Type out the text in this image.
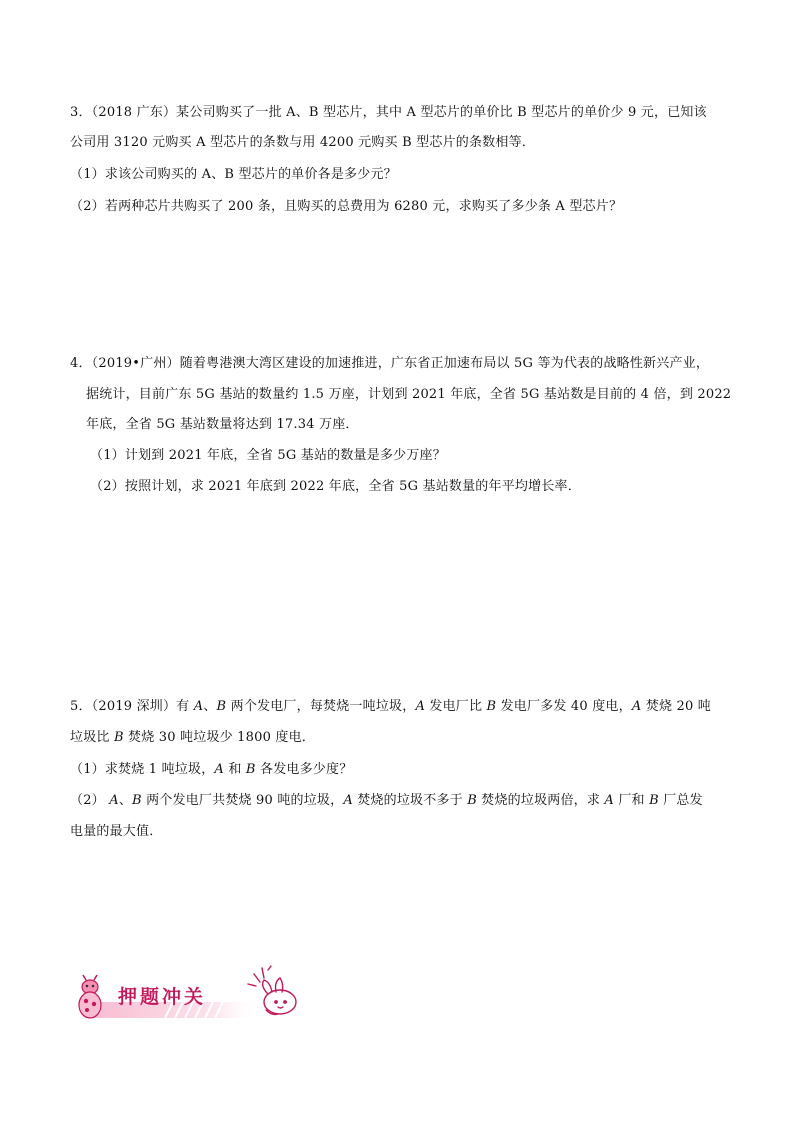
3．（2018 广东）某公司购买了一批 A、B 型芯片，其中 A 型芯片的单价比 B 型芯片的单价少 9 元，已知该
公司用 3120 元购买 A 型芯片的条数与用 4200 元购买 B 型芯片的条数相等．
（1）求该公司购买的 A、B 型芯片的单价各是多少元？
（2）若两种芯片共购买了 200 条，且购买的总费用为 6280 元，求购买了多少条 A 型芯片？
4．（2019•广州）随着粤港澳大湾区建设的加速推进，广东省正加速布局以 5G 等为代表的战略性新兴产业，
据统计，目前广东 5G 基站的数量约 1.5 万座，计划到 2021 年底，全省 5G 基站数是目前的 4 倍，到 2022
年底，全省 5G 基站数量将达到 17.34 万座．
（1）计划到 2021 年底，全省 5G 基站的数量是多少万座？
（2）按照计划，求 2021 年底到 2022 年底，全省 5G 基站数量的年平均增长率．
5．（2019 深圳）有 A、B 两个发电厂，每焚烧一吨垃圾，A 发电厂比 B 发电厂多发 40 度电，A 焚烧 20 吨
垃圾比 B 焚烧 30 吨垃圾少 1800 度电．
（1）求焚烧 1 吨垃圾，A 和 B 各发电多少度？
（2） A、B 两个发电厂共焚烧 90 吨的垃圾，A 焚烧的垃圾不多于 B 焚烧的垃圾两倍，求 A 厂和 B 厂总发
电量的最大值．
押题冲关
